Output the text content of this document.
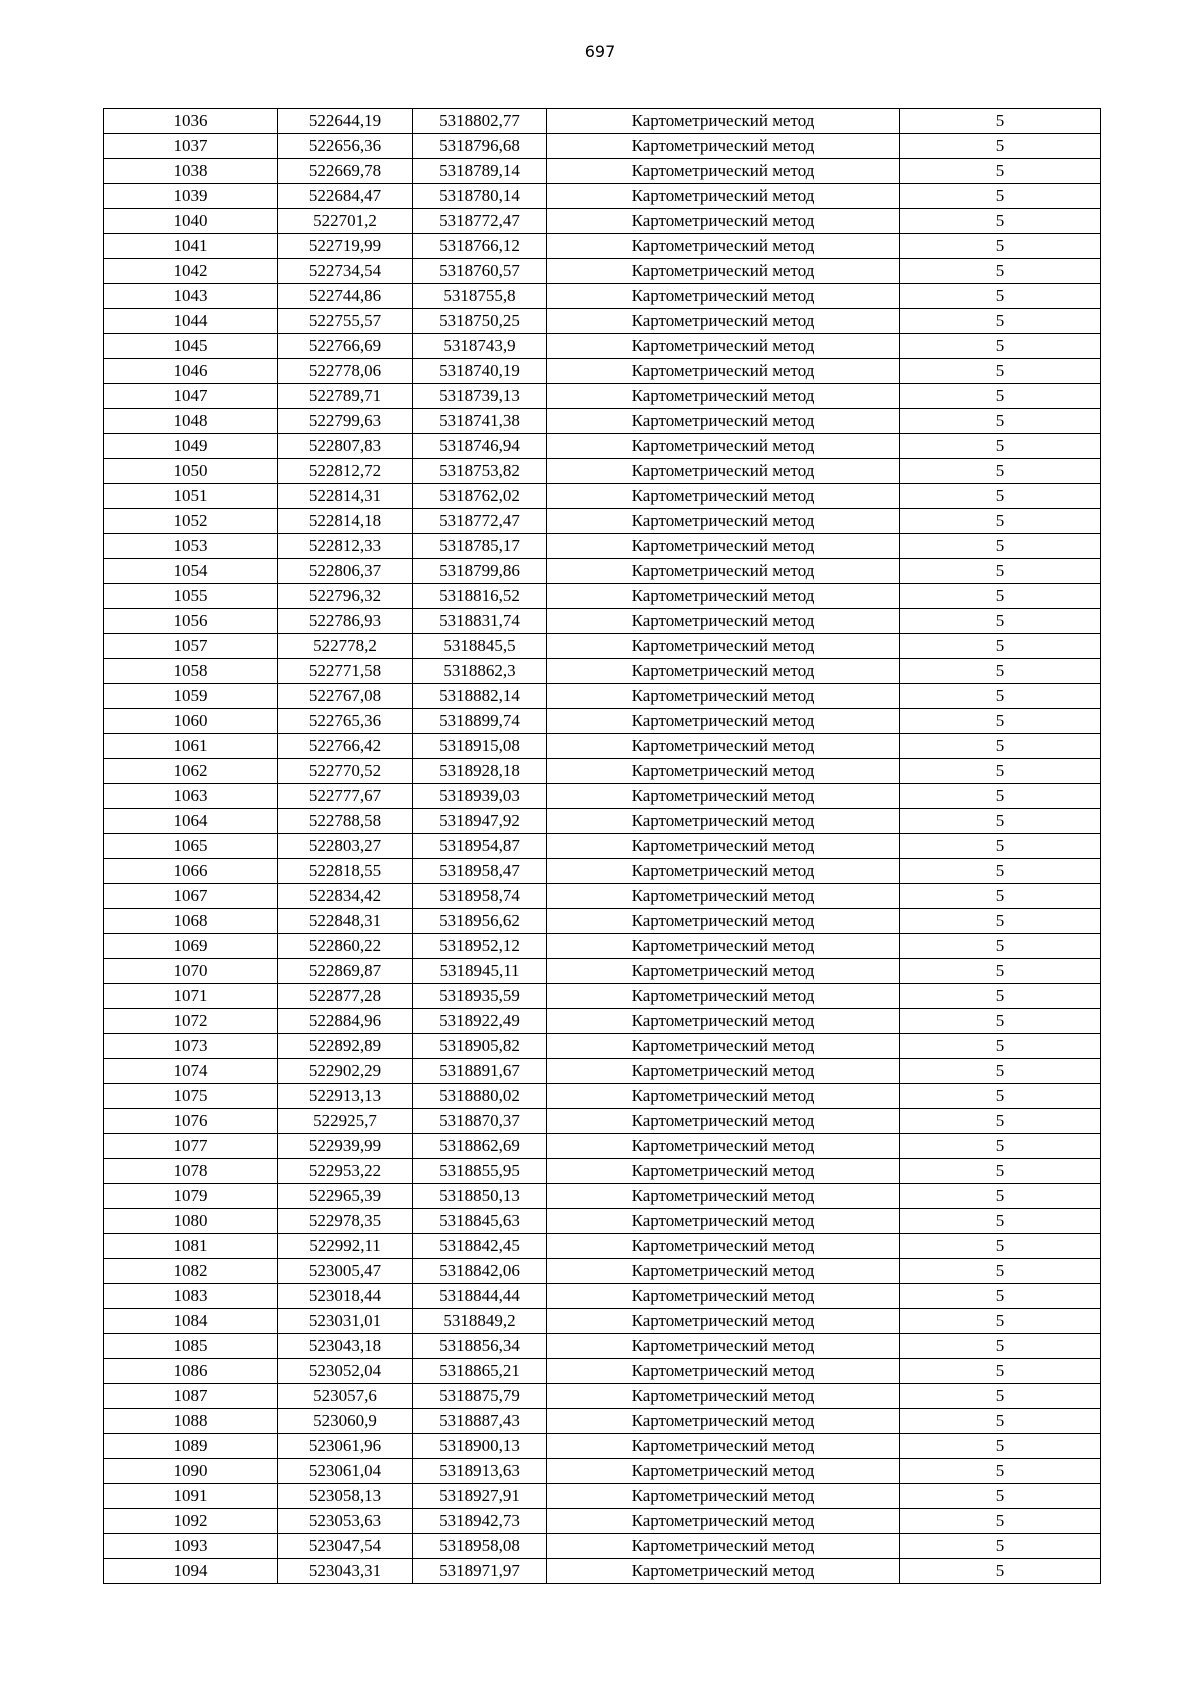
697
1036	522644,19	5318802,77	Картометрический метод	5
1037	522656,36	5318796,68	Картометрический метод	5
1038	522669,78	5318789,14	Картометрический метод	5
1039	522684,47	5318780,14	Картометрический метод	5
1040	522701,2	5318772,47	Картометрический метод	5
1041	522719,99	5318766,12	Картометрический метод	5
1042	522734,54	5318760,57	Картометрический метод	5
1043	522744,86	5318755,8	Картометрический метод	5
1044	522755,57	5318750,25	Картометрический метод	5
1045	522766,69	5318743,9	Картометрический метод	5
1046	522778,06	5318740,19	Картометрический метод	5
1047	522789,71	5318739,13	Картометрический метод	5
1048	522799,63	5318741,38	Картометрический метод	5
1049	522807,83	5318746,94	Картометрический метод	5
1050	522812,72	5318753,82	Картометрический метод	5
1051	522814,31	5318762,02	Картометрический метод	5
1052	522814,18	5318772,47	Картометрический метод	5
1053	522812,33	5318785,17	Картометрический метод	5
1054	522806,37	5318799,86	Картометрический метод	5
1055	522796,32	5318816,52	Картометрический метод	5
1056	522786,93	5318831,74	Картометрический метод	5
1057	522778,2	5318845,5	Картометрический метод	5
1058	522771,58	5318862,3	Картометрический метод	5
1059	522767,08	5318882,14	Картометрический метод	5
1060	522765,36	5318899,74	Картометрический метод	5
1061	522766,42	5318915,08	Картометрический метод	5
1062	522770,52	5318928,18	Картометрический метод	5
1063	522777,67	5318939,03	Картометрический метод	5
1064	522788,58	5318947,92	Картометрический метод	5
1065	522803,27	5318954,87	Картометрический метод	5
1066	522818,55	5318958,47	Картометрический метод	5
1067	522834,42	5318958,74	Картометрический метод	5
1068	522848,31	5318956,62	Картометрический метод	5
1069	522860,22	5318952,12	Картометрический метод	5
1070	522869,87	5318945,11	Картометрический метод	5
1071	522877,28	5318935,59	Картометрический метод	5
1072	522884,96	5318922,49	Картометрический метод	5
1073	522892,89	5318905,82	Картометрический метод	5
1074	522902,29	5318891,67	Картометрический метод	5
1075	522913,13	5318880,02	Картометрический метод	5
1076	522925,7	5318870,37	Картометрический метод	5
1077	522939,99	5318862,69	Картометрический метод	5
1078	522953,22	5318855,95	Картометрический метод	5
1079	522965,39	5318850,13	Картометрический метод	5
1080	522978,35	5318845,63	Картометрический метод	5
1081	522992,11	5318842,45	Картометрический метод	5
1082	523005,47	5318842,06	Картометрический метод	5
1083	523018,44	5318844,44	Картометрический метод	5
1084	523031,01	5318849,2	Картометрический метод	5
1085	523043,18	5318856,34	Картометрический метод	5
1086	523052,04	5318865,21	Картометрический метод	5
1087	523057,6	5318875,79	Картометрический метод	5
1088	523060,9	5318887,43	Картометрический метод	5
1089	523061,96	5318900,13	Картометрический метод	5
1090	523061,04	5318913,63	Картометрический метод	5
1091	523058,13	5318927,91	Картометрический метод	5
1092	523053,63	5318942,73	Картометрический метод	5
1093	523047,54	5318958,08	Картометрический метод	5
1094	523043,31	5318971,97	Картометрический метод	5
